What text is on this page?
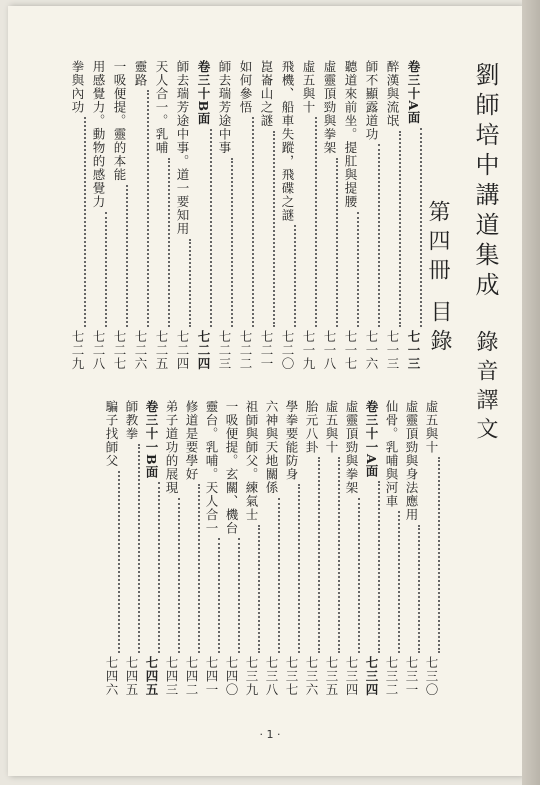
劉師培中講道集成
第四冊
目錄
錄音譯文
卷三十A面
七一三
醉漢與流氓
七一三
師不顯露道功
七一六
聽道來前坐。提肛與提腰
七一七
虛靈頂勁與拳架
七一八
虛五與十
七一九
飛機、船車失蹤，飛碟之謎
七二〇
崑崙山之謎
七二一
如何參悟
七二二
師去瑞芳途中事
七二三
卷三十B面
七二四
師去瑞芳途中事。道一要知用
七二四
天人合一。乳哺
七二五
靈路
七二六
一吸便提。靈的本能
七二七
用感覺力。動物的感覺力
七二八
拳與內功
七二九
虛五與十
七三〇
虛靈頂勁與身法應用
七三一
仙骨。乳哺與河車
七三二
卷三十一A面
七三四
虛靈頂勁與拳架
七三四
虛五與十
七三五
胎元八卦
七三六
學拳要能防身
七三七
六神與天地關係
七三八
祖師與師父。練氣士
七三九
一吸便提。玄關、機台
七四〇
靈台。乳哺。天人合一
七四一
修道是要學好
七四二
弟子道功的展現
七四三
卷三十一B面
七四五
師教拳
七四五
騙子找師父
七四六
· 1 ·
